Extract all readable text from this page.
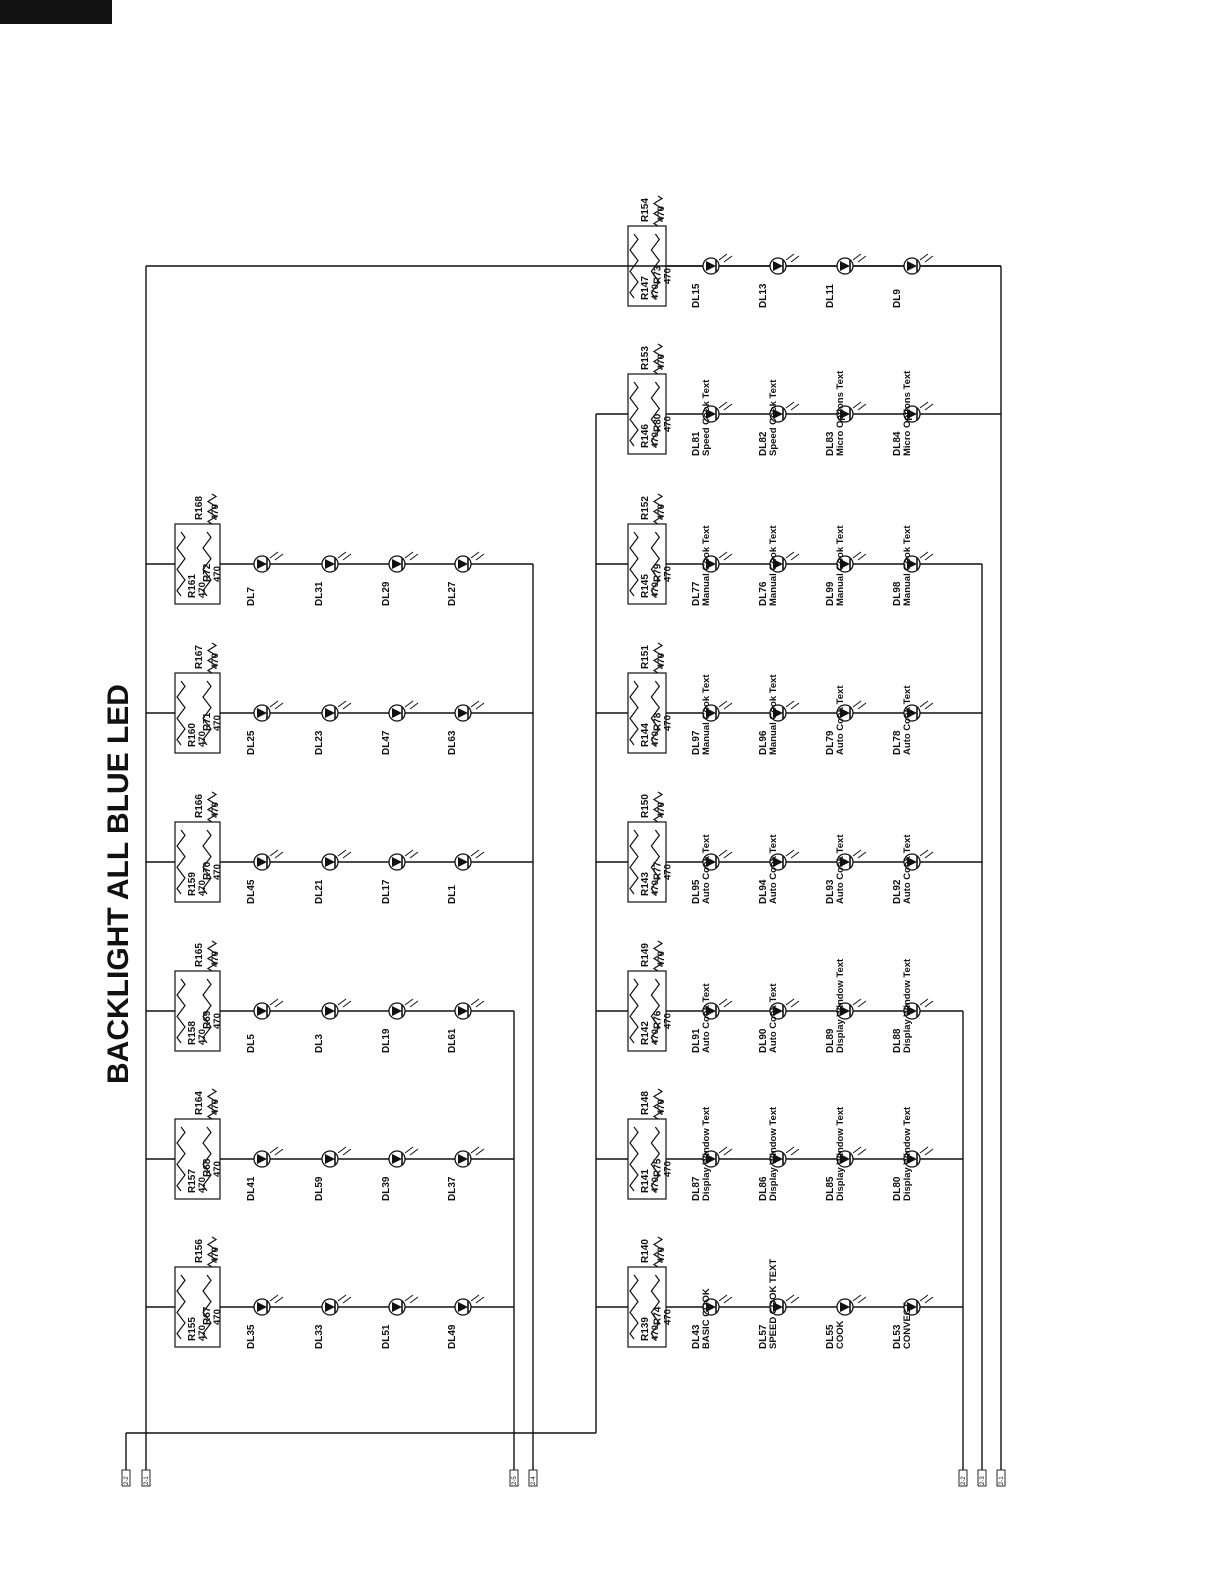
R155 470
R67 470
R156 470
DL35	DL33	DL51	DL49
R157 470
R68 470
R164 470
DL41	DL59	DL39	DL37
R158 470
R69 470
R165 470
DL5	DL3	DL19	DL61
R159 470
R70 470
R166 470
DL45	DL21	DL17	DL1
R160 470
R71 470
R167 470
DL25	DL23	DL47	DL63
R161 470
R72 470
R168 470
DL7	DL31	DL29	DL27
R139 470
R74 470
R140 470
DL43 BASIC COOK	DL57 SPEED COOK TEXT	DL55 COOK	DL53 CONVECT
R141 470
R75 470
R148 470
DL87 Display Window Text	DL86 Display Window Text	DL85 Display Window Text	DL80 Display Window Text
R142 470
R76 470
R149 470
DL91 Auto Cook Text	DL90 Auto Cook Text	DL89 Display Window Text	DL88 Display Window Text
R143 470
R77 470
R150 470
DL95 Auto Cook Text	DL94 Auto Cook Text	DL93 Auto Cook Text	DL92 Auto Cook Text
R144 470
R78 470
R151 470
DL97 Manual Cook Text	DL96 Manual Cook Text	DL79 Auto Cook Text	DL78 Auto Cook Text
R145 470
R79 470
R152 470
DL77 Manual Cook Text	DL76 Manual Cook Text	DL99 Manual Cook Text	DL98 Manual Cook Text
R146 470
R80 470
R153 470
DL81 Speed Cook Text	DL82 Speed Cook Text	DL83 Micro Options Text	DL84 Micro Options Text
R147 470
R73 470
R154 470
DL15	DL13	DL11	DL9
2-2 2-1	2-5 2-4	2-2 2-3 2-1
BACKLIGHT ALL BLUE LED
